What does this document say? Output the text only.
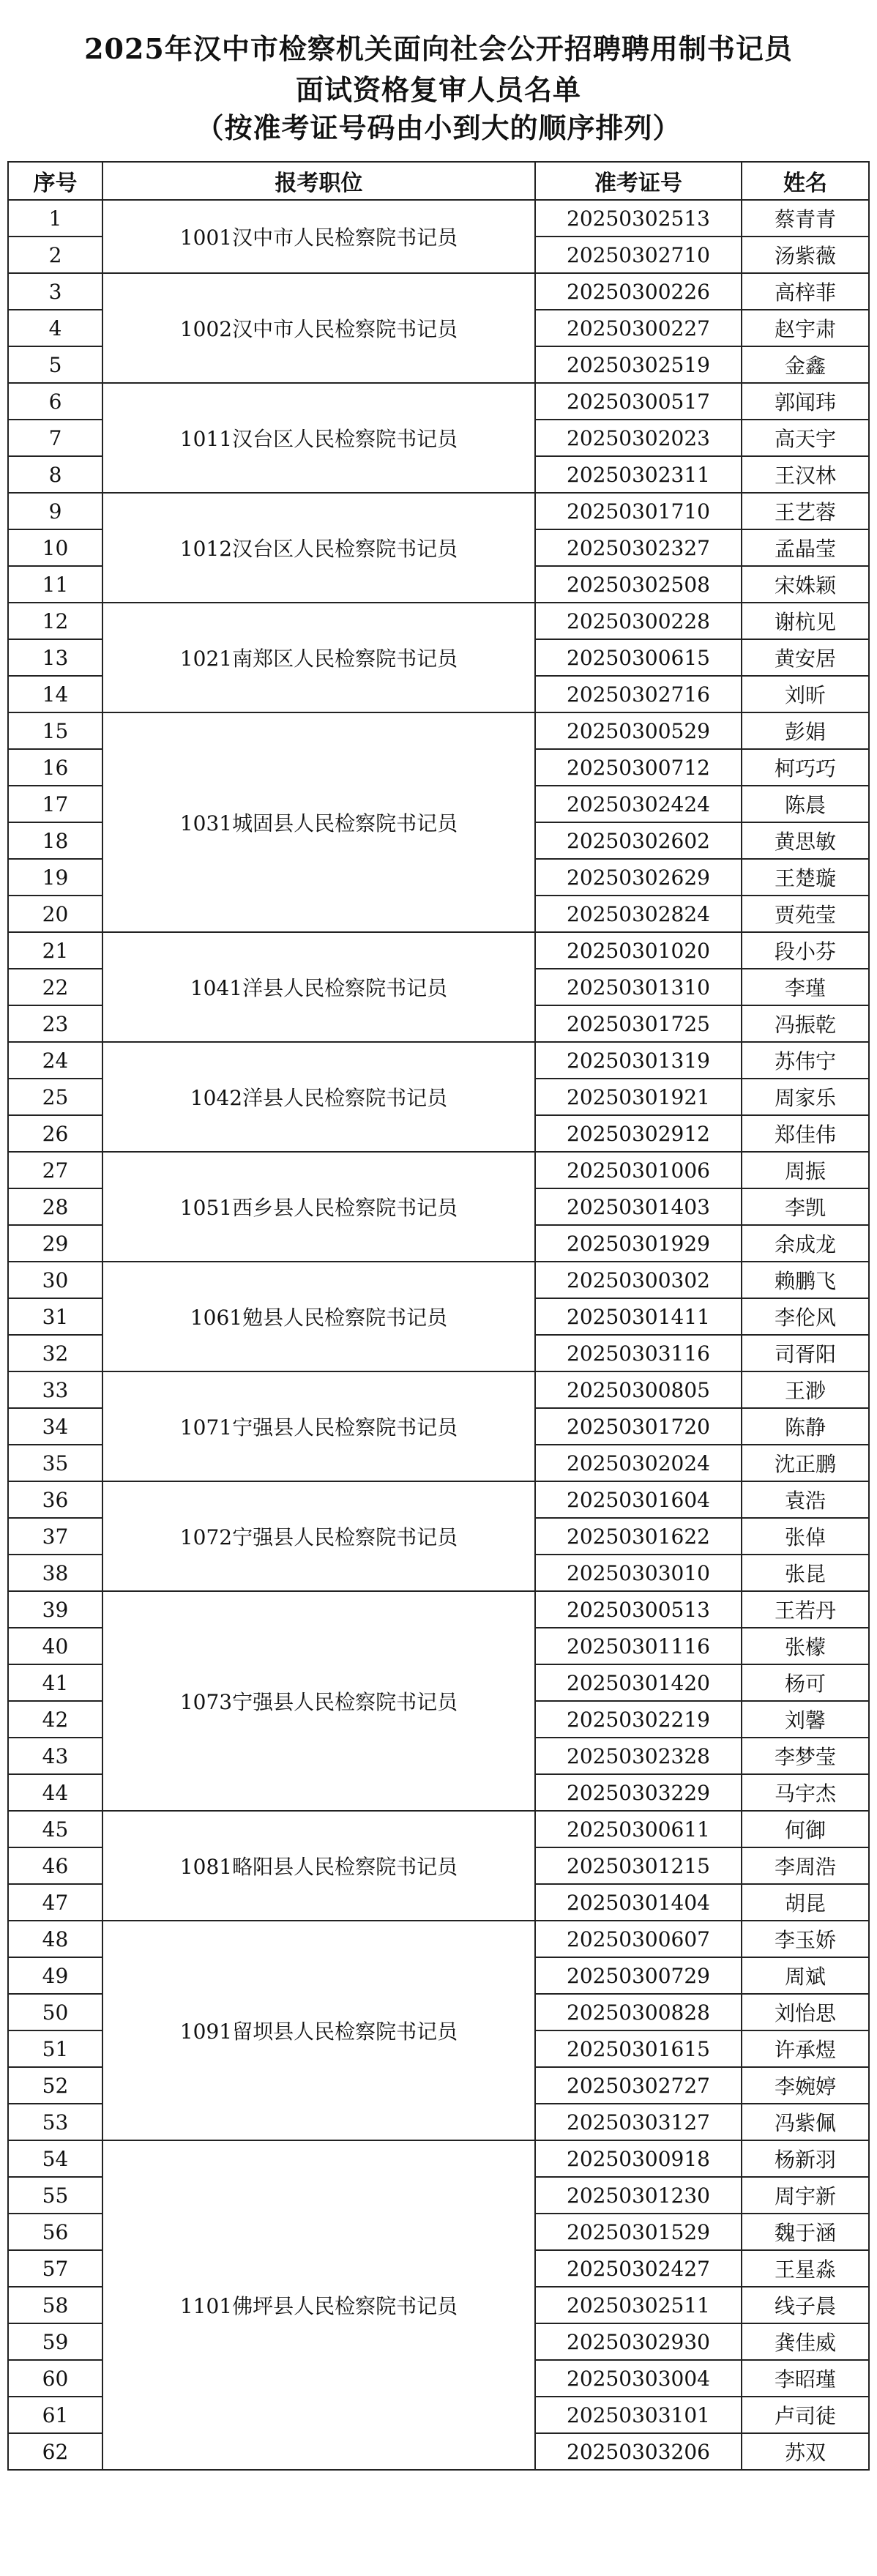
2025年汉中市检察机关面向社会公开招聘聘用制书记员
面试资格复审人员名单
（按准考证号码由小到大的顺序排列）
序号	报考职位	准考证号	姓名
1	1001汉中市人民检察院书记员	20250302513	蔡青青
2		20250302710	汤紫薇
3	1002汉中市人民检察院书记员	20250300226	高梓菲
4		20250300227	赵宇肃
5		20250302519	金鑫
6	1011汉台区人民检察院书记员	20250300517	郭闻玮
7		20250302023	高天宇
8		20250302311	王汉林
9	1012汉台区人民检察院书记员	20250301710	王艺蓉
10		20250302327	孟晶莹
11		20250302508	宋姝颖
12	1021南郑区人民检察院书记员	20250300228	谢杭见
13		20250300615	黄安居
14		20250302716	刘昕
15	1031城固县人民检察院书记员	20250300529	彭娟
16		20250300712	柯巧巧
17		20250302424	陈晨
18		20250302602	黄思敏
19		20250302629	王楚璇
20		20250302824	贾苑莹
21	1041洋县人民检察院书记员	20250301020	段小芬
22		20250301310	李瑾
23		20250301725	冯振乾
24	1042洋县人民检察院书记员	20250301319	苏伟宁
25		20250301921	周家乐
26		20250302912	郑佳伟
27	1051西乡县人民检察院书记员	20250301006	周振
28		20250301403	李凯
29		20250301929	余成龙
30	1061勉县人民检察院书记员	20250300302	赖鹏飞
31		20250301411	李伦风
32		20250303116	司胥阳
33	1071宁强县人民检察院书记员	20250300805	王渺
34		20250301720	陈静
35		20250302024	沈正鹏
36	1072宁强县人民检察院书记员	20250301604	袁浩
37		20250301622	张倬
38		20250303010	张昆
39	1073宁强县人民检察院书记员	20250300513	王若丹
40		20250301116	张檬
41		20250301420	杨可
42		20250302219	刘馨
43		20250302328	李梦莹
44		20250303229	马宇杰
45	1081略阳县人民检察院书记员	20250300611	何御
46		20250301215	李周浩
47		20250301404	胡昆
48	1091留坝县人民检察院书记员	20250300607	李玉娇
49		20250300729	周斌
50		20250300828	刘怡思
51		20250301615	许承煜
52		20250302727	李婉婷
53		20250303127	冯紫佩
54	1101佛坪县人民检察院书记员	20250300918	杨新羽
55		20250301230	周宇新
56		20250301529	魏于涵
57		20250302427	王星淼
58		20250302511	线子晨
59		20250302930	龚佳威
60		20250303004	李昭瑾
61		20250303101	卢司徒
62		20250303206	苏双
